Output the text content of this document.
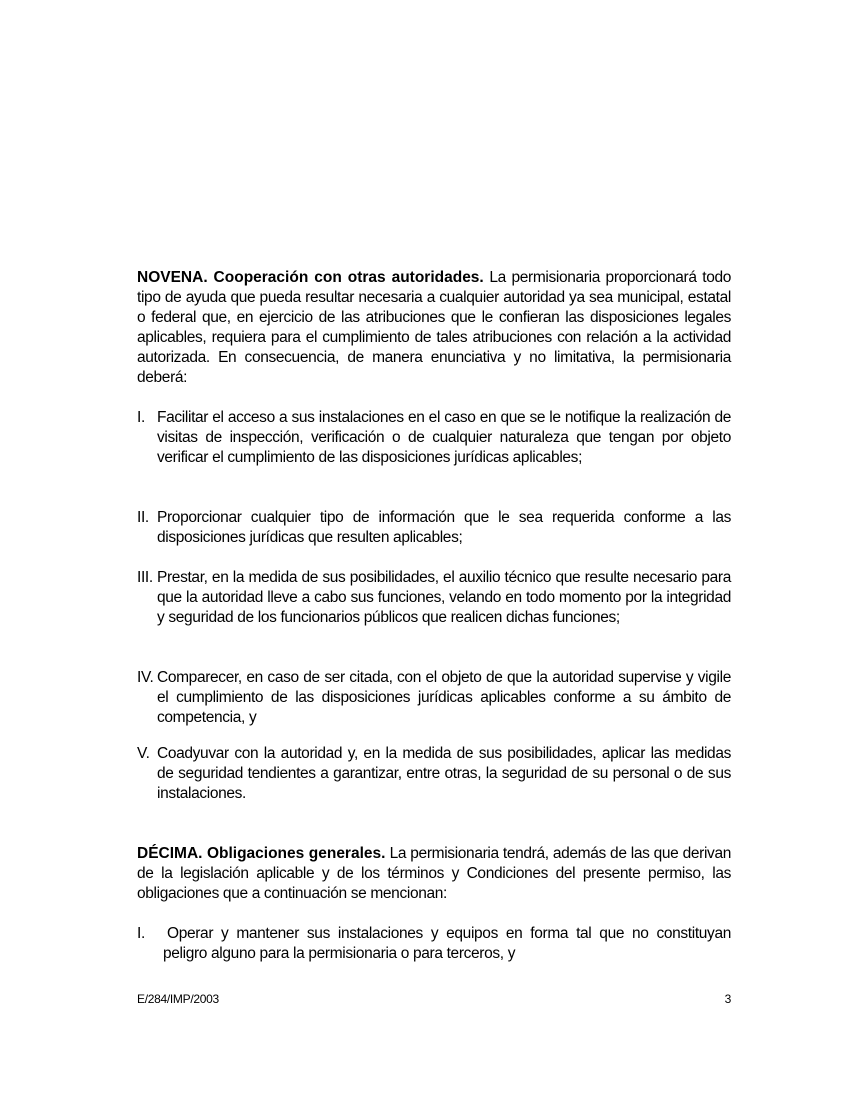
NOVENA. Cooperación con otras autoridades. La permisionaria proporcionará todo tipo de ayuda que pueda resultar necesaria a cualquier autoridad ya sea municipal, estatal o federal que, en ejercicio de las atribuciones que le confieran las disposiciones legales aplicables, requiera para el cumplimiento de tales atribuciones con relación a la actividad autorizada. En consecuencia, de manera enunciativa y no limitativa, la permisionaria deberá:
I. Facilitar el acceso a sus instalaciones en el caso en que se le notifique la realización de visitas de inspección, verificación o de cualquier naturaleza que tengan por objeto verificar el cumplimiento de las disposiciones jurídicas aplicables;
II. Proporcionar cualquier tipo de información que le sea requerida conforme a las disposiciones jurídicas que resulten aplicables;
III. Prestar, en la medida de sus posibilidades, el auxilio técnico que resulte necesario para que la autoridad lleve a cabo sus funciones, velando en todo momento por la integridad y seguridad de los funcionarios públicos que realicen dichas funciones;
IV. Comparecer, en caso de ser citada, con el objeto de que la autoridad supervise y vigile el cumplimiento de las disposiciones jurídicas aplicables conforme a su ámbito de competencia, y
V. Coadyuvar con la autoridad y, en la medida de sus posibilidades, aplicar las medidas de seguridad tendientes a garantizar, entre otras, la seguridad de su personal o de sus instalaciones.
DÉCIMA. Obligaciones generales. La permisionaria tendrá, además de las que derivan de la legislación aplicable y de los términos y Condiciones del presente permiso, las obligaciones que a continuación se mencionan:
I. Operar y mantener sus instalaciones y equipos en forma tal que no constituyan peligro alguno para la permisionaria o para terceros, y
E/284/IMP/2003	3
